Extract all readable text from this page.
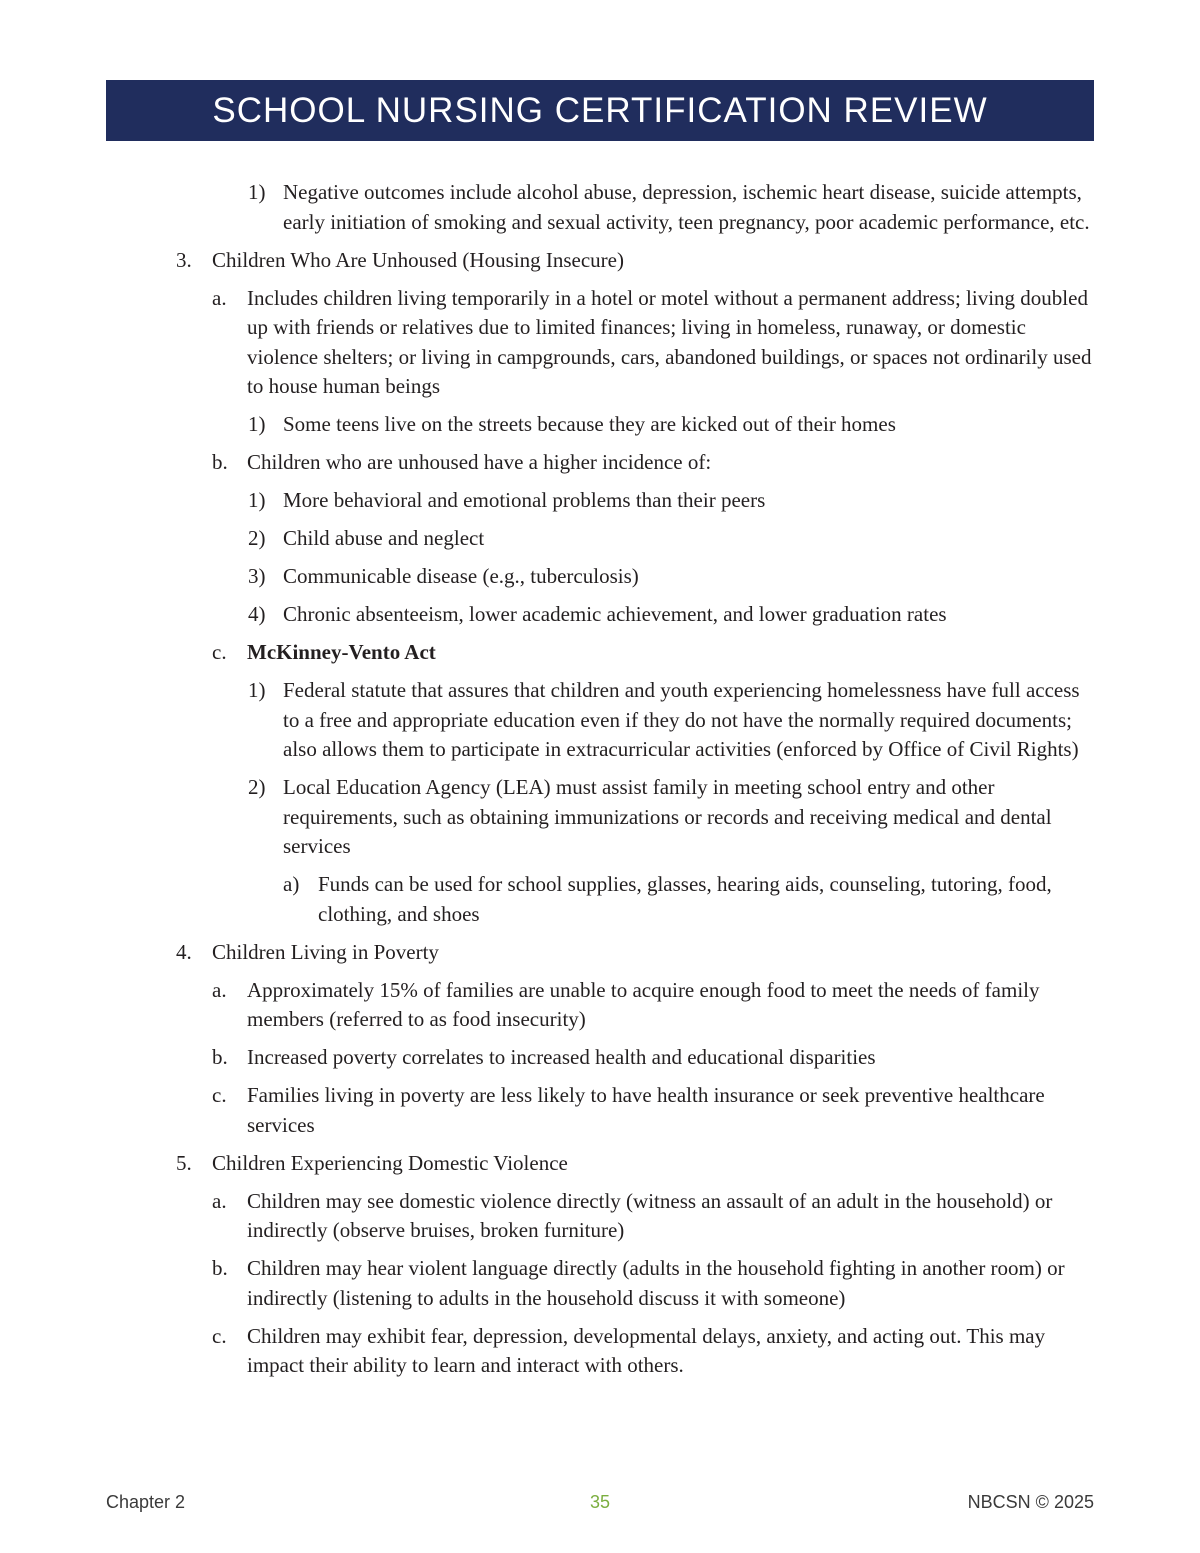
SCHOOL NURSING CERTIFICATION REVIEW
1) Negative outcomes include alcohol abuse, depression, ischemic heart disease, suicide attempts, early initiation of smoking and sexual activity, teen pregnancy, poor academic performance, etc.
3. Children Who Are Unhoused (Housing Insecure)
a. Includes children living temporarily in a hotel or motel without a permanent address; living doubled up with friends or relatives due to limited finances; living in homeless, runaway, or domestic violence shelters; or living in campgrounds, cars, abandoned buildings, or spaces not ordinarily used to house human beings
1) Some teens live on the streets because they are kicked out of their homes
b. Children who are unhoused have a higher incidence of:
1) More behavioral and emotional problems than their peers
2) Child abuse and neglect
3) Communicable disease (e.g., tuberculosis)
4) Chronic absenteeism, lower academic achievement, and lower graduation rates
c. McKinney-Vento Act
1) Federal statute that assures that children and youth experiencing homelessness have full access to a free and appropriate education even if they do not have the normally required documents; also allows them to participate in extracurricular activities (enforced by Office of Civil Rights)
2) Local Education Agency (LEA) must assist family in meeting school entry and other requirements, such as obtaining immunizations or records and receiving medical and dental services
a) Funds can be used for school supplies, glasses, hearing aids, counseling, tutoring, food, clothing, and shoes
4. Children Living in Poverty
a. Approximately 15% of families are unable to acquire enough food to meet the needs of family members (referred to as food insecurity)
b. Increased poverty correlates to increased health and educational disparities
c. Families living in poverty are less likely to have health insurance or seek preventive healthcare services
5. Children Experiencing Domestic Violence
a. Children may see domestic violence directly (witness an assault of an adult in the household) or indirectly (observe bruises, broken furniture)
b. Children may hear violent language directly (adults in the household fighting in another room) or indirectly (listening to adults in the household discuss it with someone)
c. Children may exhibit fear, depression, developmental delays, anxiety, and acting out. This may impact their ability to learn and interact with others.
Chapter 2	35	NBCSN © 2025
